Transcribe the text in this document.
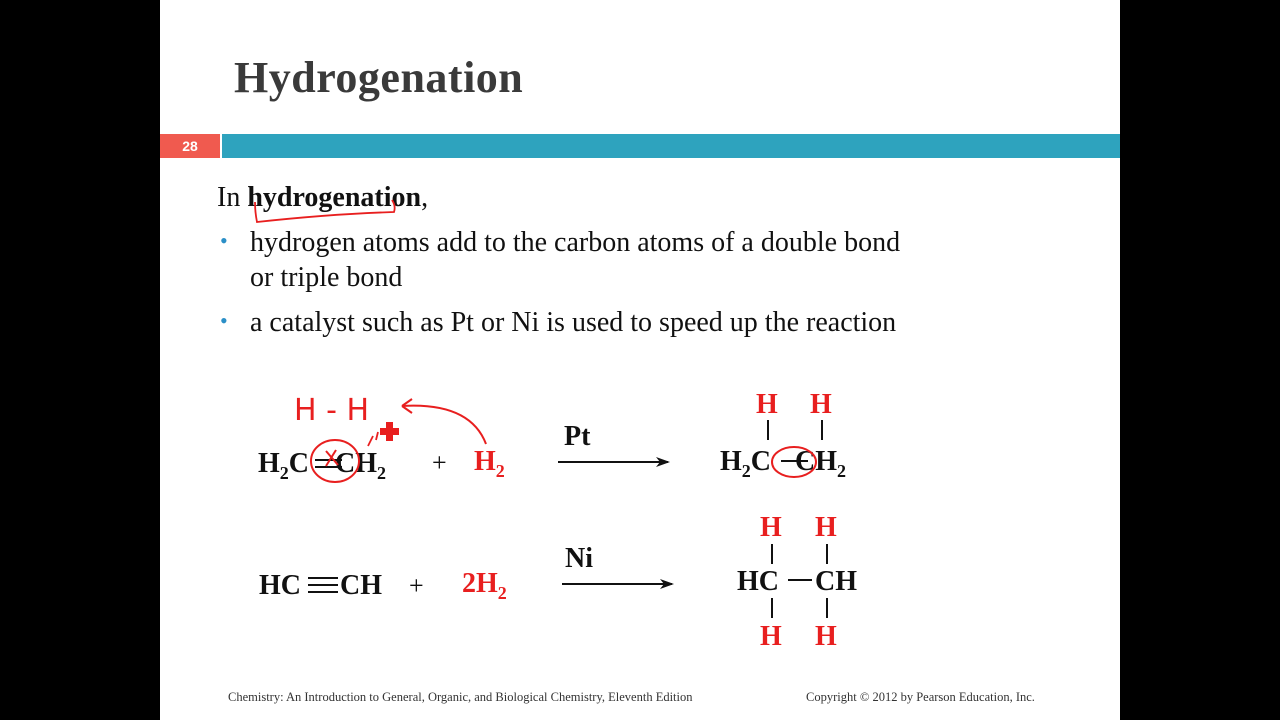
Hydrogenation
28
In hydrogenation,
• hydrogen atoms add to the carbon atoms of a double bond
or triple bond
• a catalyst such as Pt or Ni is used to speed up the reaction
$H_2C$ $CH_2 + H_2$
H - H
Pt
H H
$H_2C$ $CH_2$
HC CH + $2H_2$
Ni
H H
HC CH
H H
Chemistry: An Introduction to General, Organic, and Biological Chemistry, Eleventh Edition	Copyright © 2012 by Pearson Education, Inc.
